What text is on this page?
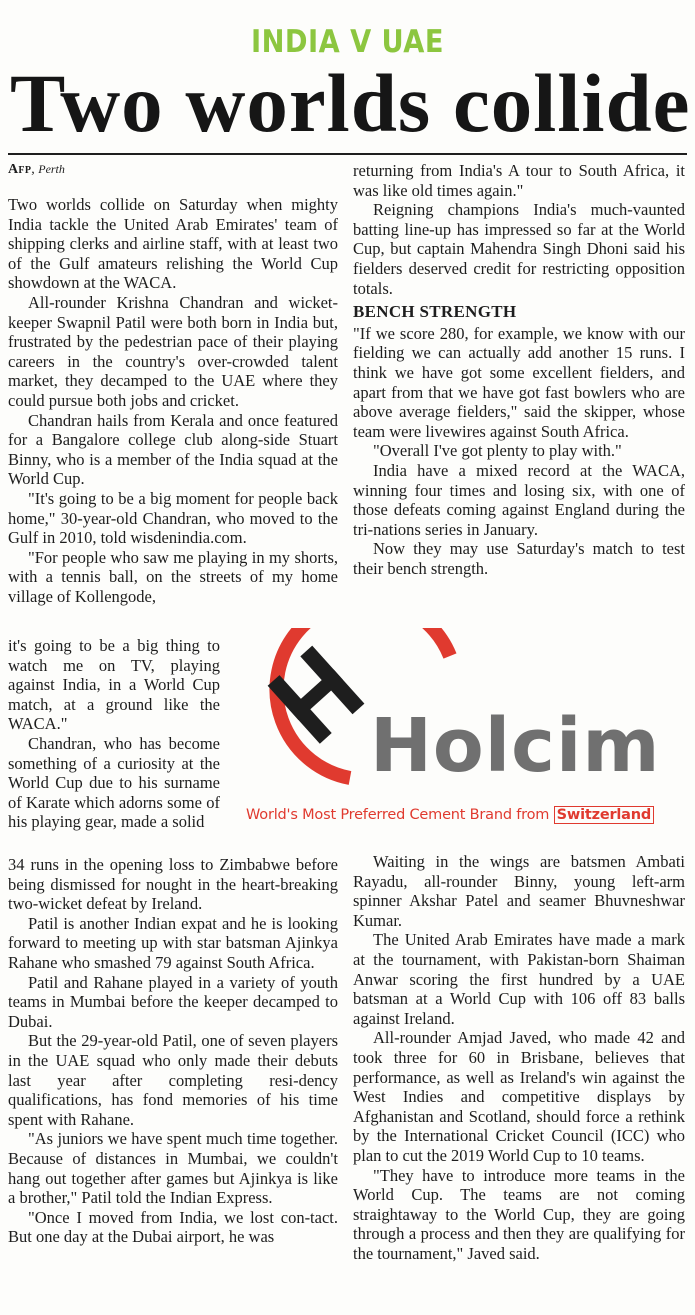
INDIA V UAE
Two worlds collide
Afp, Perth

Two worlds collide on Saturday when mighty India tackle the United Arab Emirates' team of shipping clerks and airline staff, with at least two of the Gulf amateurs relishing the World Cup showdown at the WACA.

All-rounder Krishna Chandran and wicket-keeper Swapnil Patil were both born in India but, frustrated by the pedestrian pace of their playing careers in the country's over-crowded talent market, they decamped to the UAE where they could pursue both jobs and cricket.

Chandran hails from Kerala and once featured for a Bangalore college club along-side Stuart Binny, who is a member of the India squad at the World Cup.

"It's going to be a big moment for people back home," 30-year-old Chandran, who moved to the Gulf in 2010, told wisdenindia.com.

"For people who saw me playing in my shorts, with a tennis ball, on the streets of my home village of Kollengode,

it's going to be a big thing to watch me on TV, playing against India, in a World Cup match, at a ground like the WACA."

Chandran, who has become something of a curiosity at the World Cup due to his surname of Karate which adorns some of his playing gear, made a solid

34 runs in the opening loss to Zimbabwe before being dismissed for nought in the heart-breaking two-wicket defeat by Ireland.

Patil is another Indian expat and he is looking forward to meeting up with star batsman Ajinkya Rahane who smashed 79 against South Africa.

Patil and Rahane played in a variety of youth teams in Mumbai before the keeper decamped to Dubai.

But the 29-year-old Patil, one of seven players in the UAE squad who only made their debuts last year after completing resi-dency qualifications, has fond memories of his time spent with Rahane.

"As juniors we have spent much time together. Because of distances in Mumbai, we couldn't hang out together after games but Ajinkya is like a brother," Patil told the Indian Express.

"Once I moved from India, we lost con-tact. But one day at the Dubai airport, he was

returning from India's A tour to South Africa, it was like old times again."

Reigning champions India's much-vaunted batting line-up has impressed so far at the World Cup, but captain Mahendra Singh Dhoni said his fielders deserved credit for restricting opposition totals.

BENCH STRENGTH

"If we score 280, for example, we know with our fielding we can actually add another 15 runs. I think we have got some excellent fielders, and apart from that we have got fast bowlers who are above average fielders," said the skipper, whose team were livewires against South Africa.

"Overall I've got plenty to play with."

India have a mixed record at the WACA, winning four times and losing six, with one of those defeats coming against England during the tri-nations series in January.

Now they may use Saturday's match to test their bench strength.

Holcim
World's Most Preferred Cement Brand from Switzerland

Waiting in the wings are batsmen Ambati Rayadu, all-rounder Binny, young left-arm spinner Akshar Patel and seamer Bhuvneshwar Kumar.

The United Arab Emirates have made a mark at the tournament, with Pakistan-born Shaiman Anwar scoring the first hundred by a UAE batsman at a World Cup with 106 off 83 balls against Ireland.

All-rounder Amjad Javed, who made 42 and took three for 60 in Brisbane, believes that performance, as well as Ireland's win against the West Indies and competitive displays by Afghanistan and Scotland, should force a rethink by the International Cricket Council (ICC) who plan to cut the 2019 World Cup to 10 teams.

"They have to introduce more teams in the World Cup. The teams are not coming straightaway to the World Cup, they are going through a process and then they are qualifying for the tournament," Javed said.
